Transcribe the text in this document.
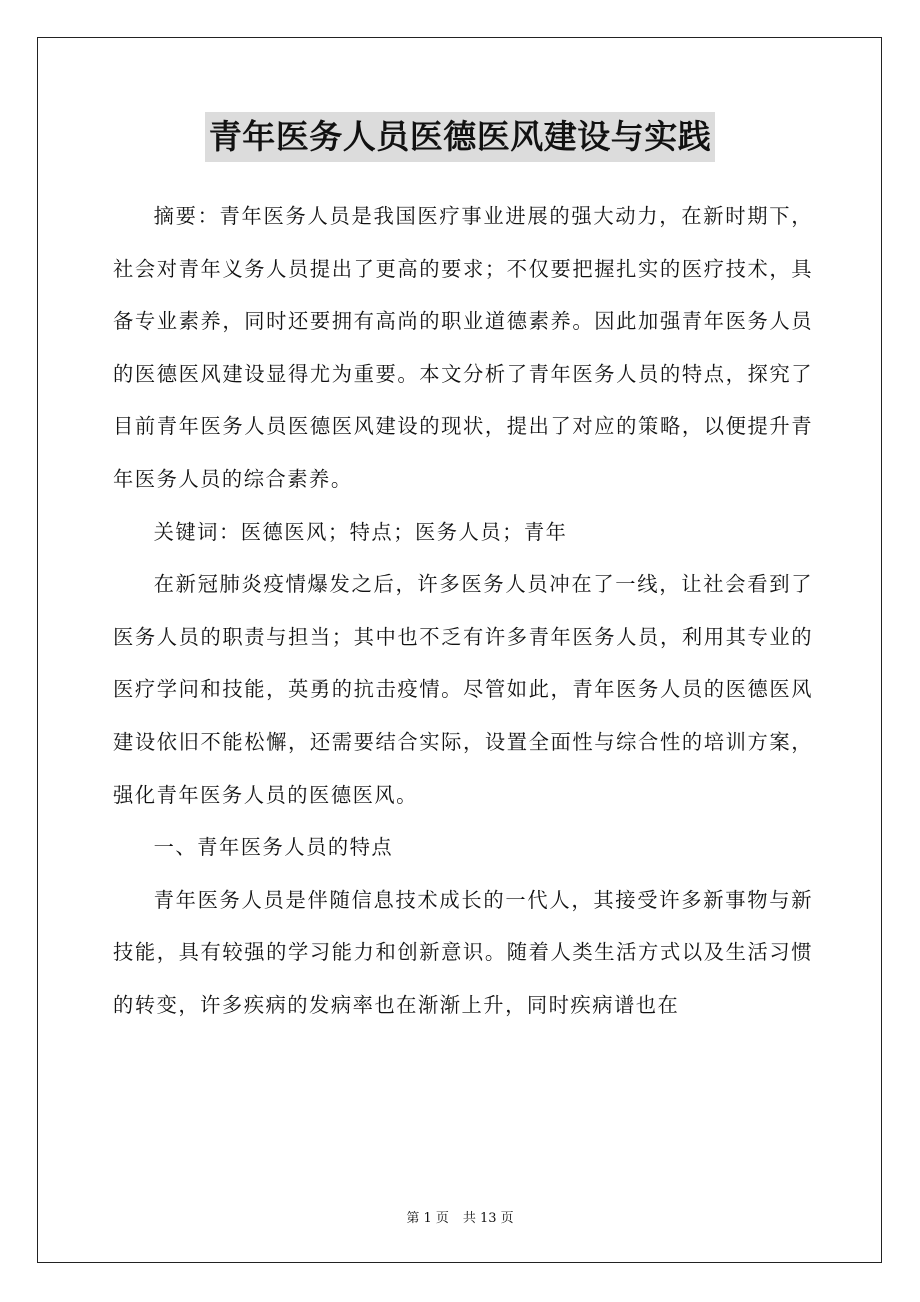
青年医务人员医德医风建设与实践

摘要：青年医务人员是我国医疗事业进展的强大动力，在新时期下，社会对青年义务人员提出了更高的要求；不仅要把握扎实的医疗技术，具备专业素养，同时还要拥有高尚的职业道德素养。因此加强青年医务人员的医德医风建设显得尤为重要。本文分析了青年医务人员的特点，探究了目前青年医务人员医德医风建设的现状，提出了对应的策略，以便提升青年医务人员的综合素养。

关键词：医德医风；特点；医务人员；青年

在新冠肺炎疫情爆发之后，许多医务人员冲在了一线，让社会看到了医务人员的职责与担当；其中也不乏有许多青年医务人员，利用其专业的医疗学问和技能，英勇的抗击疫情。尽管如此，青年医务人员的医德医风建设依旧不能松懈，还需要结合实际，设置全面性与综合性的培训方案，强化青年医务人员的医德医风。

一、青年医务人员的特点

青年医务人员是伴随信息技术成长的一代人，其接受许多新事物与新技能，具有较强的学习能力和创新意识。随着人类生活方式以及生活习惯的转变，许多疾病的发病率也在渐渐上升，同时疾病谱也在

第 1 页 共 13 页
